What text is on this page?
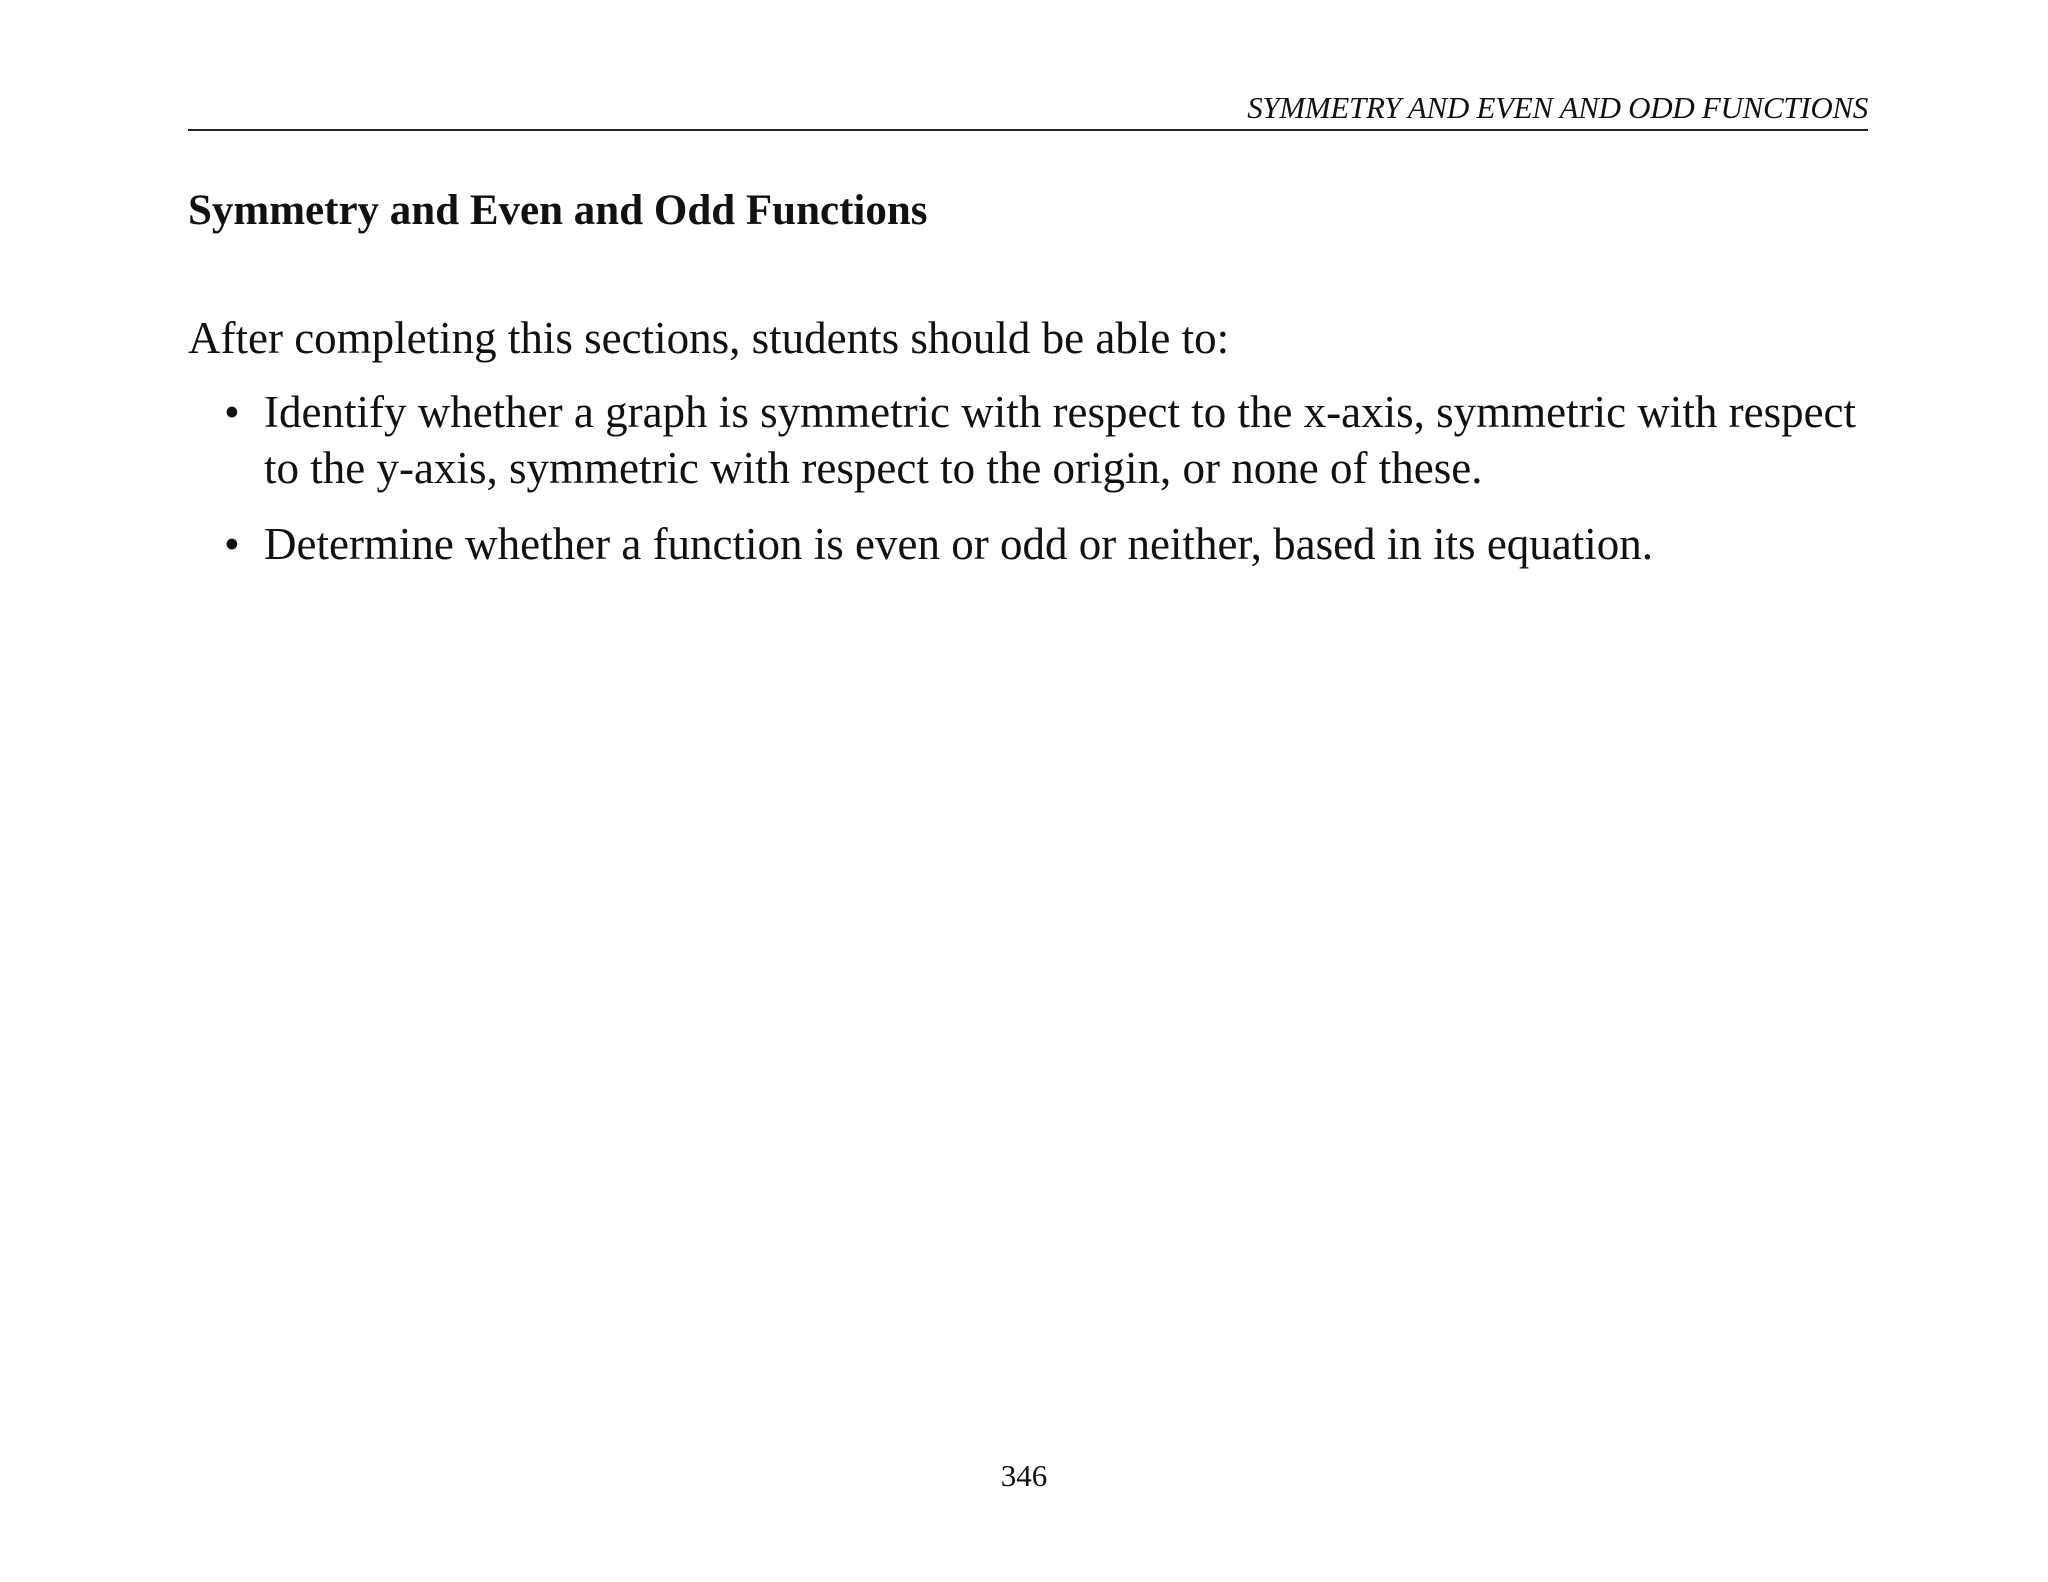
SYMMETRY AND EVEN AND ODD FUNCTIONS
Symmetry and Even and Odd Functions
After completing this sections, students should be able to:
• Identify whether a graph is symmetric with respect to the x-axis, symmetric with respect to the y-axis, symmetric with respect to the origin, or none of these.
• Determine whether a function is even or odd or neither, based in its equation.
346
